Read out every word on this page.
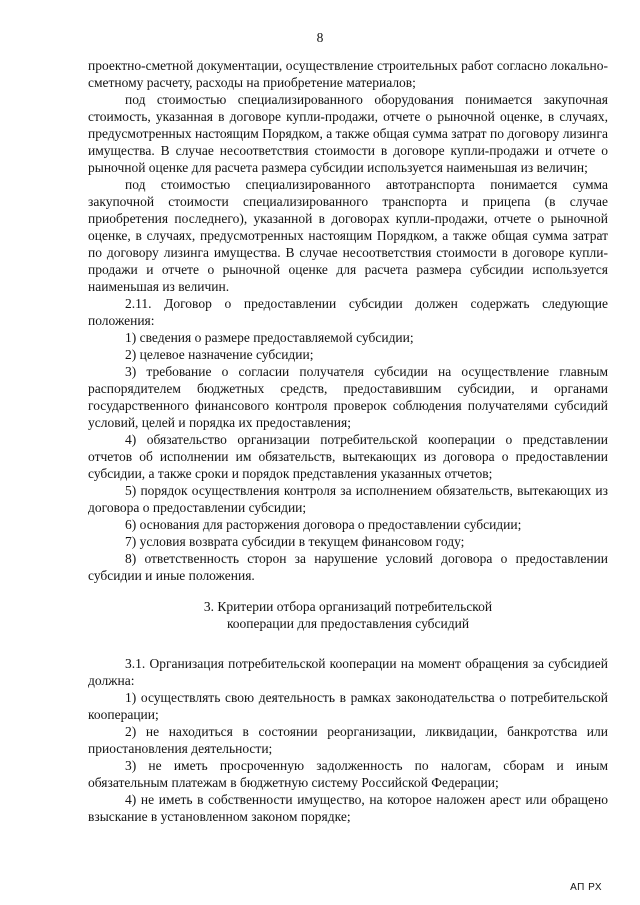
8

проектно-сметной документации, осуществление строительных работ согласно локально-сметному расчету, расходы на приобретение материалов;

под стоимостью специализированного оборудования понимается закупочная стоимость, указанная в договоре купли-продажи, отчете о рыночной оценке, в случаях, предусмотренных настоящим Порядком, а также общая сумма затрат по договору лизинга имущества. В случае несоответствия стоимости в договоре купли-продажи и отчете о рыночной оценке для расчета размера субсидии используется наименьшая из величин;

под стоимостью специализированного автотранспорта понимается сумма закупочной стоимости специализированного транспорта и прицепа (в случае приобретения последнего), указанной в договорах купли-продажи, отчете о рыночной оценке, в случаях, предусмотренных настоящим Порядком, а также общая сумма затрат по договору лизинга имущества. В случае несоответствия стоимости в договоре купли-продажи и отчете о рыночной оценке для расчета размера субсидии используется наименьшая из величин.

2.11. Договор о предоставлении субсидии должен содержать следующие положения:

1) сведения о размере предоставляемой субсидии;

2) целевое назначение субсидии;

3) требование о согласии получателя субсидии на осуществление главным распорядителем бюджетных средств, предоставившим субсидии, и органами государственного финансового контроля проверок соблюдения получателями субсидий условий, целей и порядка их предоставления;

4) обязательство организации потребительской кооперации о представлении отчетов об исполнении им обязательств, вытекающих из договора о предоставлении субсидии, а также сроки и порядок представления указанных отчетов;

5) порядок осуществления контроля за исполнением обязательств, вытекающих из договора о предоставлении субсидии;

6) основания для расторжения договора о предоставлении субсидии;

7) условия возврата субсидии в текущем финансовом году;

8) ответственность сторон за нарушение условий договора о предоставлении субсидии и иные положения.

3. Критерии отбора организаций потребительской

кооперации для предоставления субсидий

3.1. Организация потребительской кооперации на момент обращения за субсидией должна:

1) осуществлять свою деятельность в рамках законодательства о потребительской кооперации;

2) не находиться в состоянии реорганизации, ликвидации, банкротства или приостановления деятельности;

3) не иметь просроченную задолженность по налогам, сборам и иным обязательным платежам в бюджетную систему Российской Федерации;

4) не иметь в собственности имущество, на которое наложен арест или обращено взыскание в установленном законом порядке;

АП РХ
